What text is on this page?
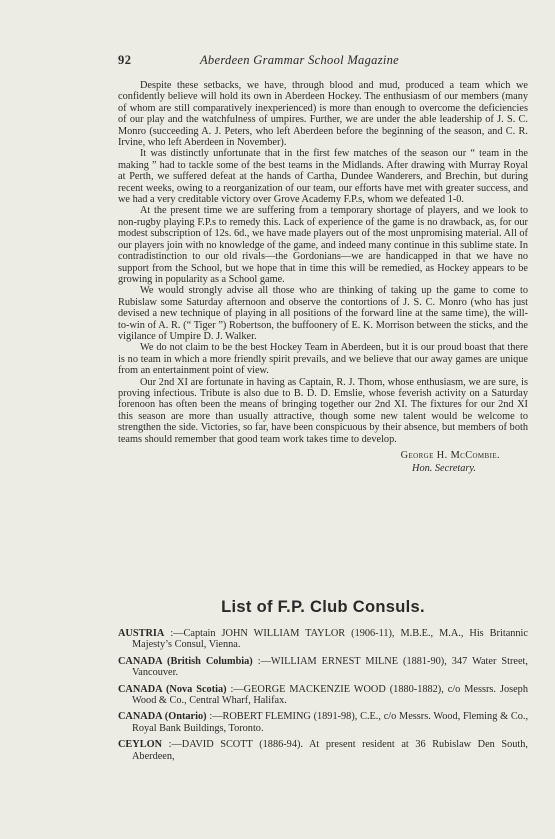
92	Aberdeen Grammar School Magazine

Despite these setbacks, we have, through blood and mud, produced a team which we confidently believe will hold its own in Aberdeen Hockey. The enthusiasm of our members (many of whom are still comparatively inexperienced) is more than enough to overcome the deficiencies of our play and the watchfulness of umpires. Further, we are under the able leadership of J. S. C. Monro (succeeding A. J. Peters, who left Aberdeen before the beginning of the season, and C. R. Irvine, who left Aberdeen in November).

It was distinctly unfortunate that in the first few matches of the season our “ team in the making ” had to tackle some of the best teams in the Midlands. After drawing with Murray Royal at Perth, we suffered defeat at the hands of Cartha, Dundee Wanderers, and Brechin, but during recent weeks, owing to a reorganization of our team, our efforts have met with greater success, and we had a very creditable victory over Grove Academy F.P.s, whom we defeated 1-0.

At the present time we are suffering from a temporary shortage of players, and we look to non-rugby playing F.P.s to remedy this. Lack of experience of the game is no drawback, as, for our modest subscription of 12s. 6d., we have made players out of the most unpromising material. All of our players join with no knowledge of the game, and indeed many continue in this sublime state. In contradistinction to our old rivals—the Gordonians—we are handicapped in that we have no support from the School, but we hope that in time this will be remedied, as Hockey appears to be growing in popularity as a School game.

We would strongly advise all those who are thinking of taking up the game to come to Rubislaw some Saturday afternoon and observe the contortions of J. S. C. Monro (who has just devised a new technique of playing in all positions of the forward line at the same time), the will-to-win of A. R. (“ Tiger ”) Robertson, the buffoonery of E. K. Morrison between the sticks, and the vigilance of Umpire D. J. Walker.

We do not claim to be the best Hockey Team in Aberdeen, but it is our proud boast that there is no team in which a more friendly spirit prevails, and we believe that our away games are unique from an entertainment point of view.

Our 2nd XI are fortunate in having as Captain, R. J. Thom, whose enthusiasm, we are sure, is proving infectious. Tribute is also due to B. D. D. Emslie, whose feverish activity on a Saturday forenoon has often been the means of bringing together our 2nd XI. The fixtures for our 2nd XI this season are more than usually attractive, though some new talent would be welcome to strengthen the side. Victories, so far, have been conspicuous by their absence, but members of both teams should remember that good team work takes time to develop.

George H. McCombie.
Hon. Secretary.
List of F.P. Club Consuls.
AUSTRIA :—Captain JOHN WILLIAM TAYLOR (1906-11), M.B.E., M.A., His Britannic Majesty’s Consul, Vienna.
CANADA (British Columbia) :—WILLIAM ERNEST MILNE (1881-90), 347 Water Street, Vancouver.
CANADA (Nova Scotia) :—GEORGE MACKENZIE WOOD (1880-1882), c/o Messrs. Joseph Wood & Co., Central Wharf, Halifax.
CANADA (Ontario) :—ROBERT FLEMING (1891-98), C.E., c/o Messrs. Wood, Fleming & Co., Royal Bank Buildings, Toronto.
CEYLON :—DAVID SCOTT (1886-94). At present resident at 36 Rubislaw Den South, Aberdeen,
